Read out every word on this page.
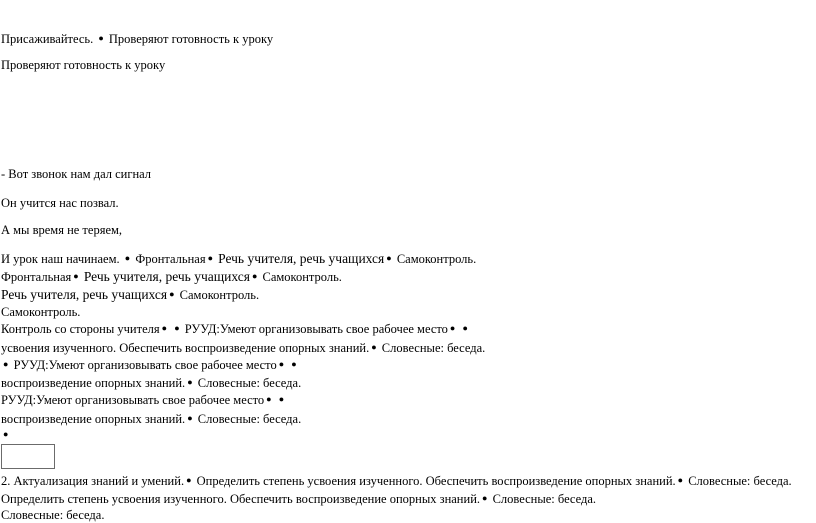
Присаживайтесь. ● Проверяют готовность к уроку
Проверяют готовность к уроку
- Вот звонок нам дал сигнал
Он учится нас позвал.
А мы время не теряем,
И урок наш начинаем. ● Фронтальная ● Речь учителя, речь учащихся ● Самоконтроль.
Фронтальная ● Речь учителя, речь учащихся ● Самоконтроль.
Речь учителя, речь учащихся ● Самоконтроль.
Самоконтроль.
Контроль со стороны учителя ● ● РУУД:Умеют организовывать свое рабочее место ● ●
усвоения изученного. Обеспечить воспроизведение опорных знаний. ● Словесные: беседа.
● РУУД:Умеют организовывать свое рабочее место ● ●
воспроизведение опорных знаний. ● Словесные: беседа.
РУУД:Умеют организовывать свое рабочее место ● ●
воспроизведение опорных знаний. ● Словесные: беседа.
●
2. Актуализация знаний и умений. ● Определить степень усвоения изученного. Обеспечить воспроизведение опорных знаний. ● Словесные: беседа.
Определить степень усвоения изученного. Обеспечить воспроизведение опорных знаний. ● Словесные: беседа.
Словесные: беседа.
